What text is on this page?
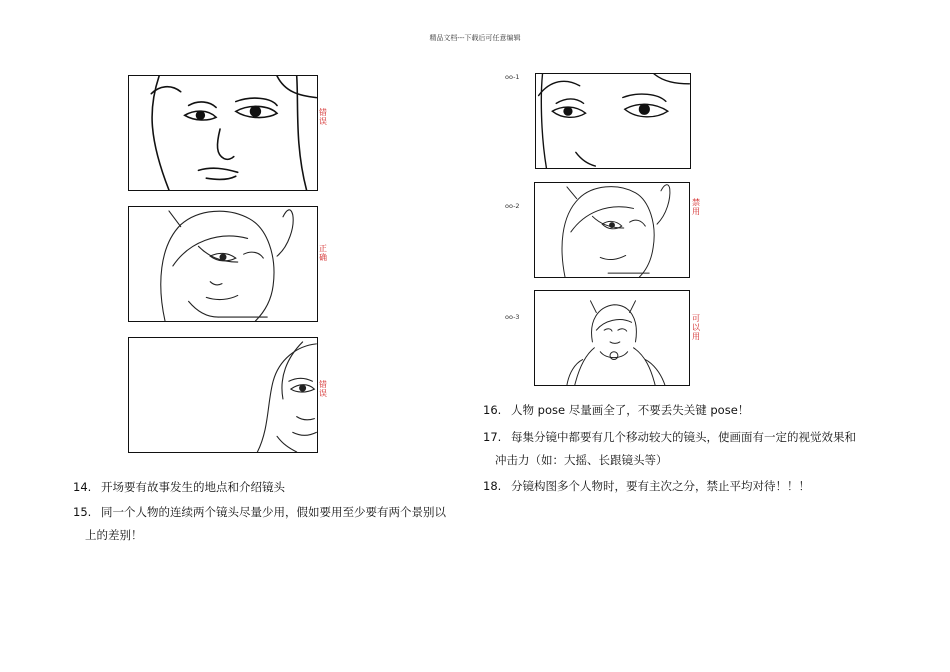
精品文档---下载后可任意编辑
错误
正确
错误
oo-1
oo-2	禁用
oo-3	可以用
14. 开场要有故事发生的地点和介绍镜头
15. 同一个人物的连续两个镜头尽量少用，假如要用至少要有两个景别以
上的差别！
16. 人物 pose 尽量画全了，不要丢失关键 pose！
17. 每集分镜中都要有几个移动较大的镜头，使画面有一定的视觉效果和
冲击力（如：大摇、长跟镜头等）
18. 分镜构图多个人物时，要有主次之分，禁止平均对待！！！
